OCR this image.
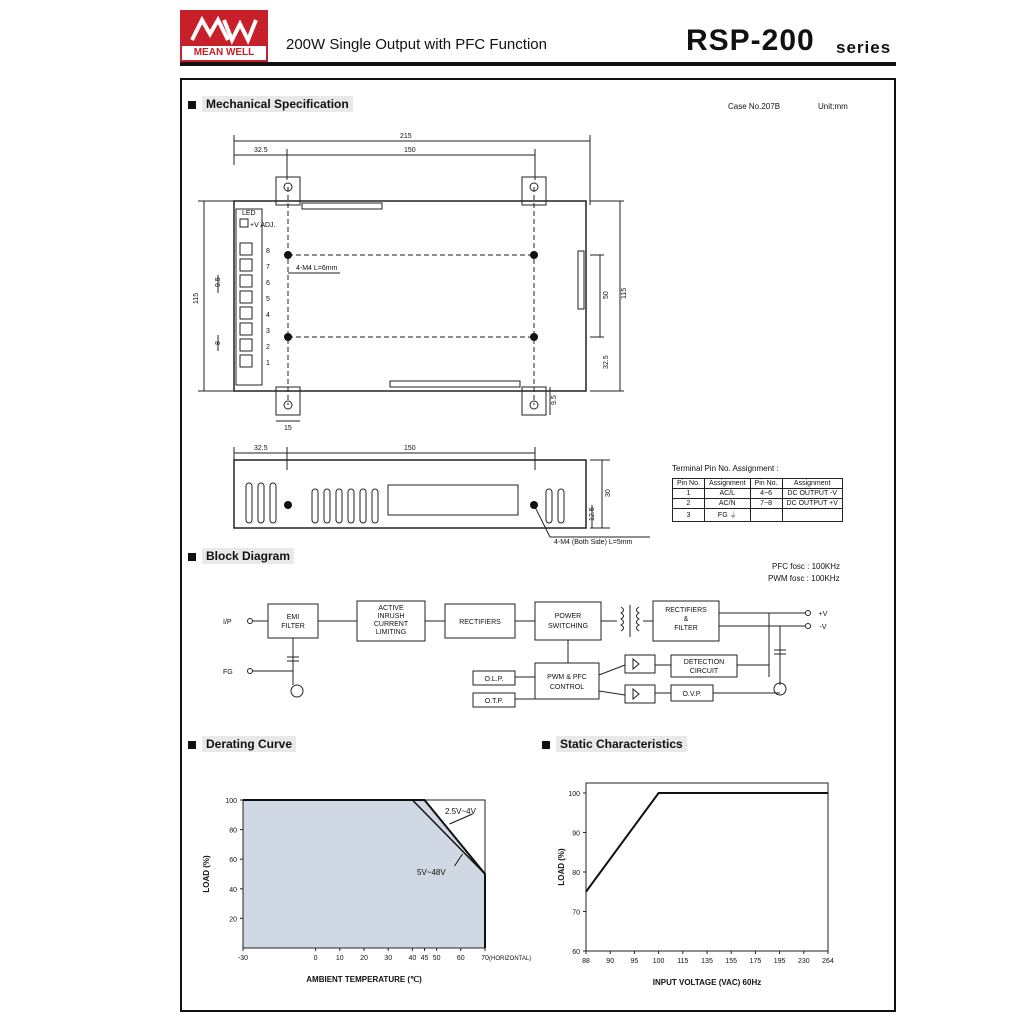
MEAN WELL	200W Single Output with PFC Function	RSP-200 series
Mechanical Specification	Case No.207B	Unit:mm
215
32.5	150
115	50 115
32.5
15
9.5
9.5
8
32.5	150
30
12.5
4-M4 L=6mm
4-M4 (Both Side) L=5mm
LED
+V ADJ.
8
7
6
5
4
3
2
1
Terminal Pin No. Assignment :
Pin No.	Assignment	Pin No.	Assignment
1	AC/L	4~6	DC OUTPUT -V
2	AC/N	7~8	DC OUTPUT +V
3	FG ⏚		
Block Diagram
PFC fosc : 100KHz
PWM fosc : 100KHz
I/P
FG
+V
-V
EMI
FILTER
ACTIVE
INRUSH
CURRENT
LIMITING
RECTIFIERS
POWER
SWITCHING
RECTIFIERS
&
FILTER
O.L.P.
O.T.P.
PWM & PFC
CONTROL
DETECTION
CIRCUIT
O.V.P.
Derating Curve
20
40
60
80
100
-30	0	10 20 30 40 45 50 60 70 (HORIZONTAL)
AMBIENT TEMPERATURE (℃)
LOAD (%)
2.5V~4V
5V~48V
Static Characteristics
60
70
80
90
100
88 90 95 100 115 135 155 175 195 230 264
INPUT VOLTAGE (VAC) 60Hz
LOAD (%)
